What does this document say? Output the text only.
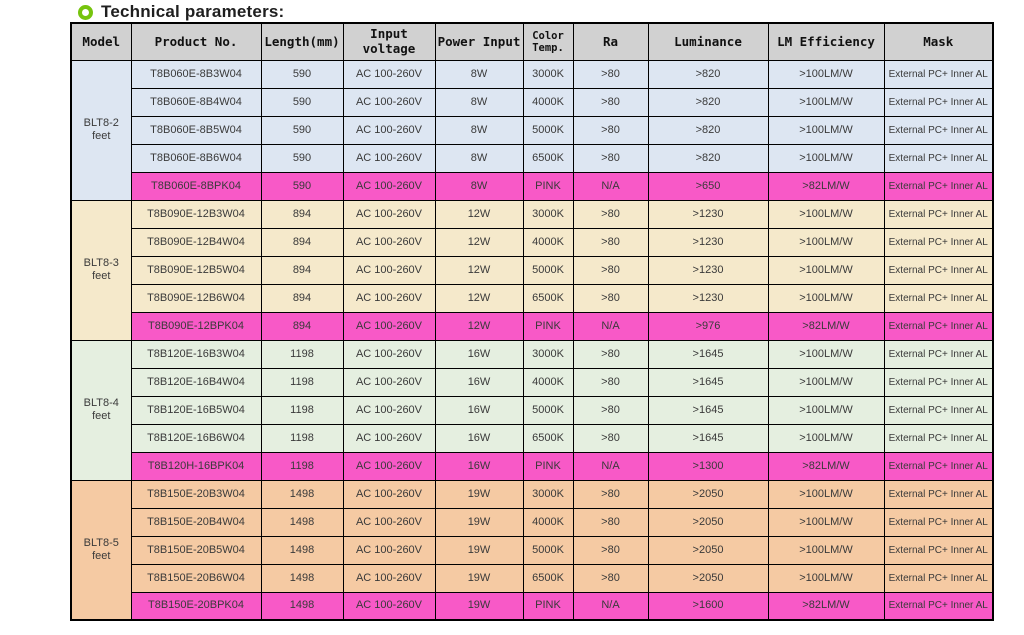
Technical parameters:
Model	Product No.	Length(mm)	Input voltage	Power Input	Color Temp.	Ra	Luminance	LM Efficiency	Mask
BLT8-2 feet	T8B060E-8B3W04	590	AC 100-260V	8W	3000K	>80	>820	>100LM/W	External PC+ Inner AL
	T8B060E-8B4W04	590	AC 100-260V	8W	4000K	>80	>820	>100LM/W	External PC+ Inner AL
	T8B060E-8B5W04	590	AC 100-260V	8W	5000K	>80	>820	>100LM/W	External PC+ Inner AL
	T8B060E-8B6W04	590	AC 100-260V	8W	6500K	>80	>820	>100LM/W	External PC+ Inner AL
	T8B060E-8BPK04	590	AC 100-260V	8W	PINK	N/A	>650	>82LM/W	External PC+ Inner AL
BLT8-3 feet	T8B090E-12B3W04	894	AC 100-260V	12W	3000K	>80	>1230	>100LM/W	External PC+ Inner AL
	T8B090E-12B4W04	894	AC 100-260V	12W	4000K	>80	>1230	>100LM/W	External PC+ Inner AL
	T8B090E-12B5W04	894	AC 100-260V	12W	5000K	>80	>1230	>100LM/W	External PC+ Inner AL
	T8B090E-12B6W04	894	AC 100-260V	12W	6500K	>80	>1230	>100LM/W	External PC+ Inner AL
	T8B090E-12BPK04	894	AC 100-260V	12W	PINK	N/A	>976	>82LM/W	External PC+ Inner AL
BLT8-4 feet	T8B120E-16B3W04	1198	AC 100-260V	16W	3000K	>80	>1645	>100LM/W	External PC+ Inner AL
	T8B120E-16B4W04	1198	AC 100-260V	16W	4000K	>80	>1645	>100LM/W	External PC+ Inner AL
	T8B120E-16B5W04	1198	AC 100-260V	16W	5000K	>80	>1645	>100LM/W	External PC+ Inner AL
	T8B120E-16B6W04	1198	AC 100-260V	16W	6500K	>80	>1645	>100LM/W	External PC+ Inner AL
	T8B120H-16BPK04	1198	AC 100-260V	16W	PINK	N/A	>1300	>82LM/W	External PC+ Inner AL
BLT8-5 feet	T8B150E-20B3W04	1498	AC 100-260V	19W	3000K	>80	>2050	>100LM/W	External PC+ Inner AL
	T8B150E-20B4W04	1498	AC 100-260V	19W	4000K	>80	>2050	>100LM/W	External PC+ Inner AL
	T8B150E-20B5W04	1498	AC 100-260V	19W	5000K	>80	>2050	>100LM/W	External PC+ Inner AL
	T8B150E-20B6W04	1498	AC 100-260V	19W	6500K	>80	>2050	>100LM/W	External PC+ Inner AL
	T8B150E-20BPK04	1498	AC 100-260V	19W	PINK	N/A	>1600	>82LM/W	External PC+ Inner AL
